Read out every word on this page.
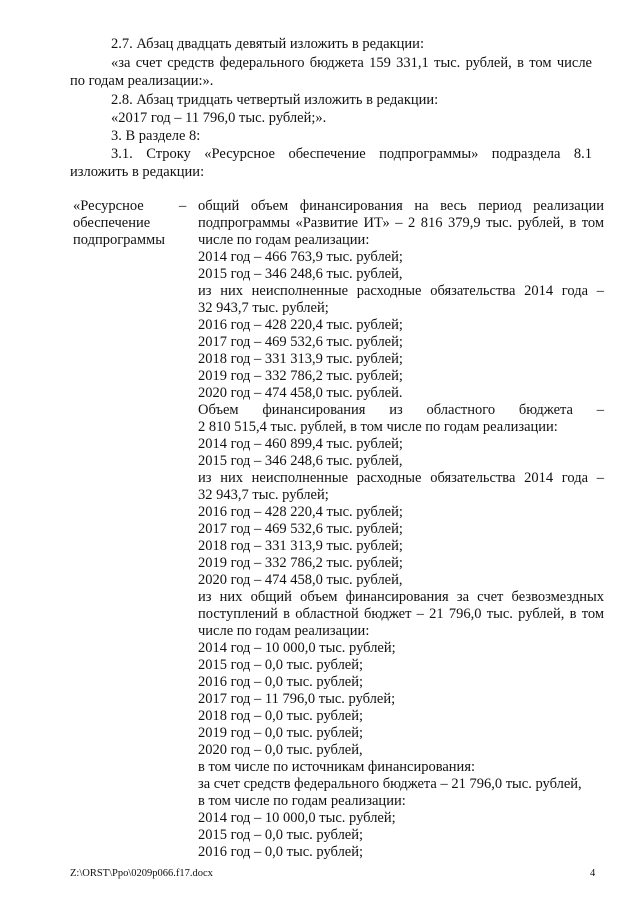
2.7. Абзац двадцать девятый изложить в редакции:
«за счет средств федерального бюджета 159 331,1 тыс. рублей, в том числе
по годам реализации:».
2.8. Абзац тридцать четвертый изложить в редакции:
«2017 год – 11 796,0 тыс. рублей;».
3. В разделе 8:
3.1. Строку «Ресурсное обеспечение подпрограммы» подраздела 8.1
изложить в редакции:
«Ресурсное
обеспечение
подпрограммы
– общий объем финансирования на весь период реализации
подпрограммы «Развитие ИТ» – 2 816 379,9 тыс. рублей, в том
числе по годам реализации:
2014 год – 466 763,9 тыс. рублей;
2015 год – 346 248,6 тыс. рублей,
из них неисполненные расходные обязательства 2014 года –
32 943,7 тыс. рублей;
2016 год – 428 220,4 тыс. рублей;
2017 год – 469 532,6 тыс. рублей;
2018 год – 331 313,9 тыс. рублей;
2019 год – 332 786,2 тыс. рублей;
2020 год – 474 458,0 тыс. рублей.
Объем финансирования из областного бюджета –
2 810 515,4 тыс. рублей, в том числе по годам реализации:
2014 год – 460 899,4 тыс. рублей;
2015 год – 346 248,6 тыс. рублей,
из них неисполненные расходные обязательства 2014 года –
32 943,7 тыс. рублей;
2016 год – 428 220,4 тыс. рублей;
2017 год – 469 532,6 тыс. рублей;
2018 год – 331 313,9 тыс. рублей;
2019 год – 332 786,2 тыс. рублей;
2020 год – 474 458,0 тыс. рублей,
из них общий объем финансирования за счет безвозмездных
поступлений в областной бюджет – 21 796,0 тыс. рублей, в том
числе по годам реализации:
2014 год – 10 000,0 тыс. рублей;
2015 год – 0,0 тыс. рублей;
2016 год – 0,0 тыс. рублей;
2017 год – 11 796,0 тыс. рублей;
2018 год – 0,0 тыс. рублей;
2019 год – 0,0 тыс. рублей;
2020 год – 0,0 тыс. рублей,
в том числе по источникам финансирования:
за счет средств федерального бюджета – 21 796,0 тыс. рублей,
в том числе по годам реализации:
2014 год – 10 000,0 тыс. рублей;
2015 год – 0,0 тыс. рублей;
2016 год – 0,0 тыс. рублей;
Z:\ORST\Ppo\0209p066.f17.docx	4
